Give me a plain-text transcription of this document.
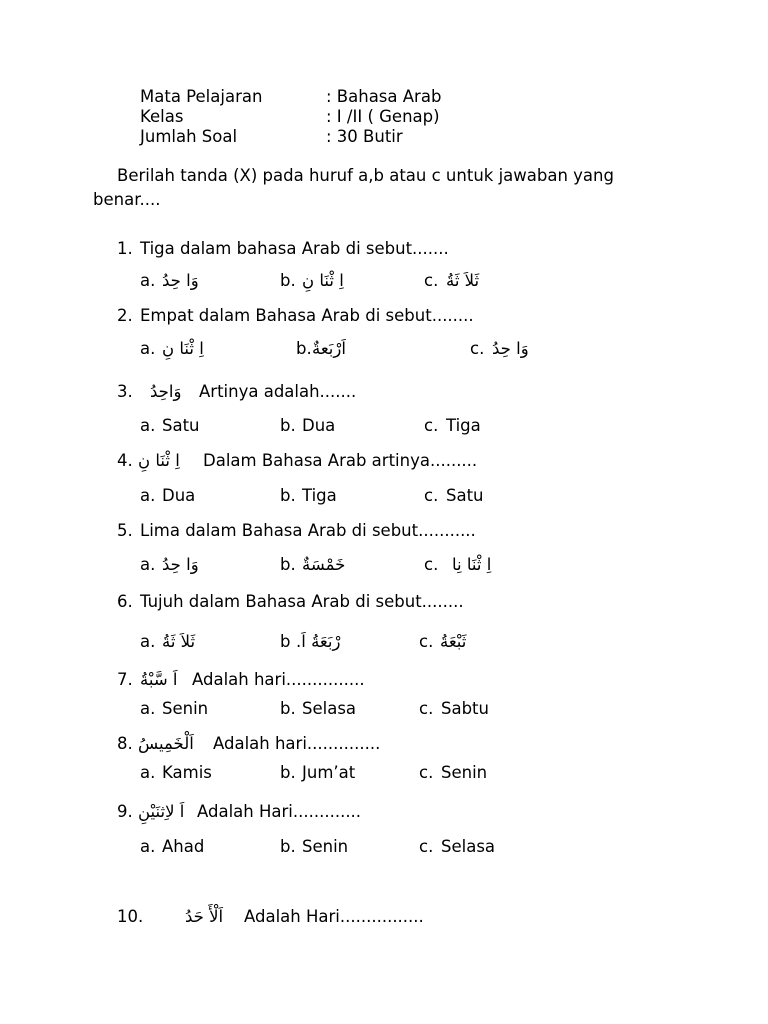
Mata Pelajaran	: Bahasa Arab
Kelas	: I /II ( Genap)
Jumlah Soal	: 30 Butir
Berilah tanda (X) pada huruf a,b atau c untuk jawaban yang
benar....
1. Tiga dalam bahasa Arab di sebut.......
a. وَا حِدُ	b. اِ ثْنَا نِ	c. ثَلاَ ثَةُ
2. Empat dalam Bahasa Arab di sebut........
a. اِ ثْنَا نِ	b. اَرْبَعةٌ	c. وَا حِدُ
3. وَاحِدُ Artinya adalah.......
a. Satu	b. Dua	c. Tiga
4. اِ ثْنَا نِ Dalam Bahasa Arab artinya.........
a. Dua	b. Tiga	c. Satu
5. Lima dalam Bahasa Arab di sebut...........
a. وَا حِدُ	b. خَمْسَةٌ	c. اِ ثْنَا نِا
6. Tujuh dalam Bahasa Arab di sebut........
a. ثَلاَ ثَةُ	b رْبَعَةُ اَ.	c. ثَبْعَةُ
7. اَ سَّبْةُ Adalah hari...............
a. Senin	b. Selasa	c. Sabtu
8. اَلْخَمِيسُ Adalah hari..............
a. Kamis	b. Jum’at	c. Senin
9. اَ لاِثنَيْنِ Adalah Hari.............
a. Ahad	b. Senin	c. Selasa
10.	اَلْأَ حَدُ Adalah Hari................
